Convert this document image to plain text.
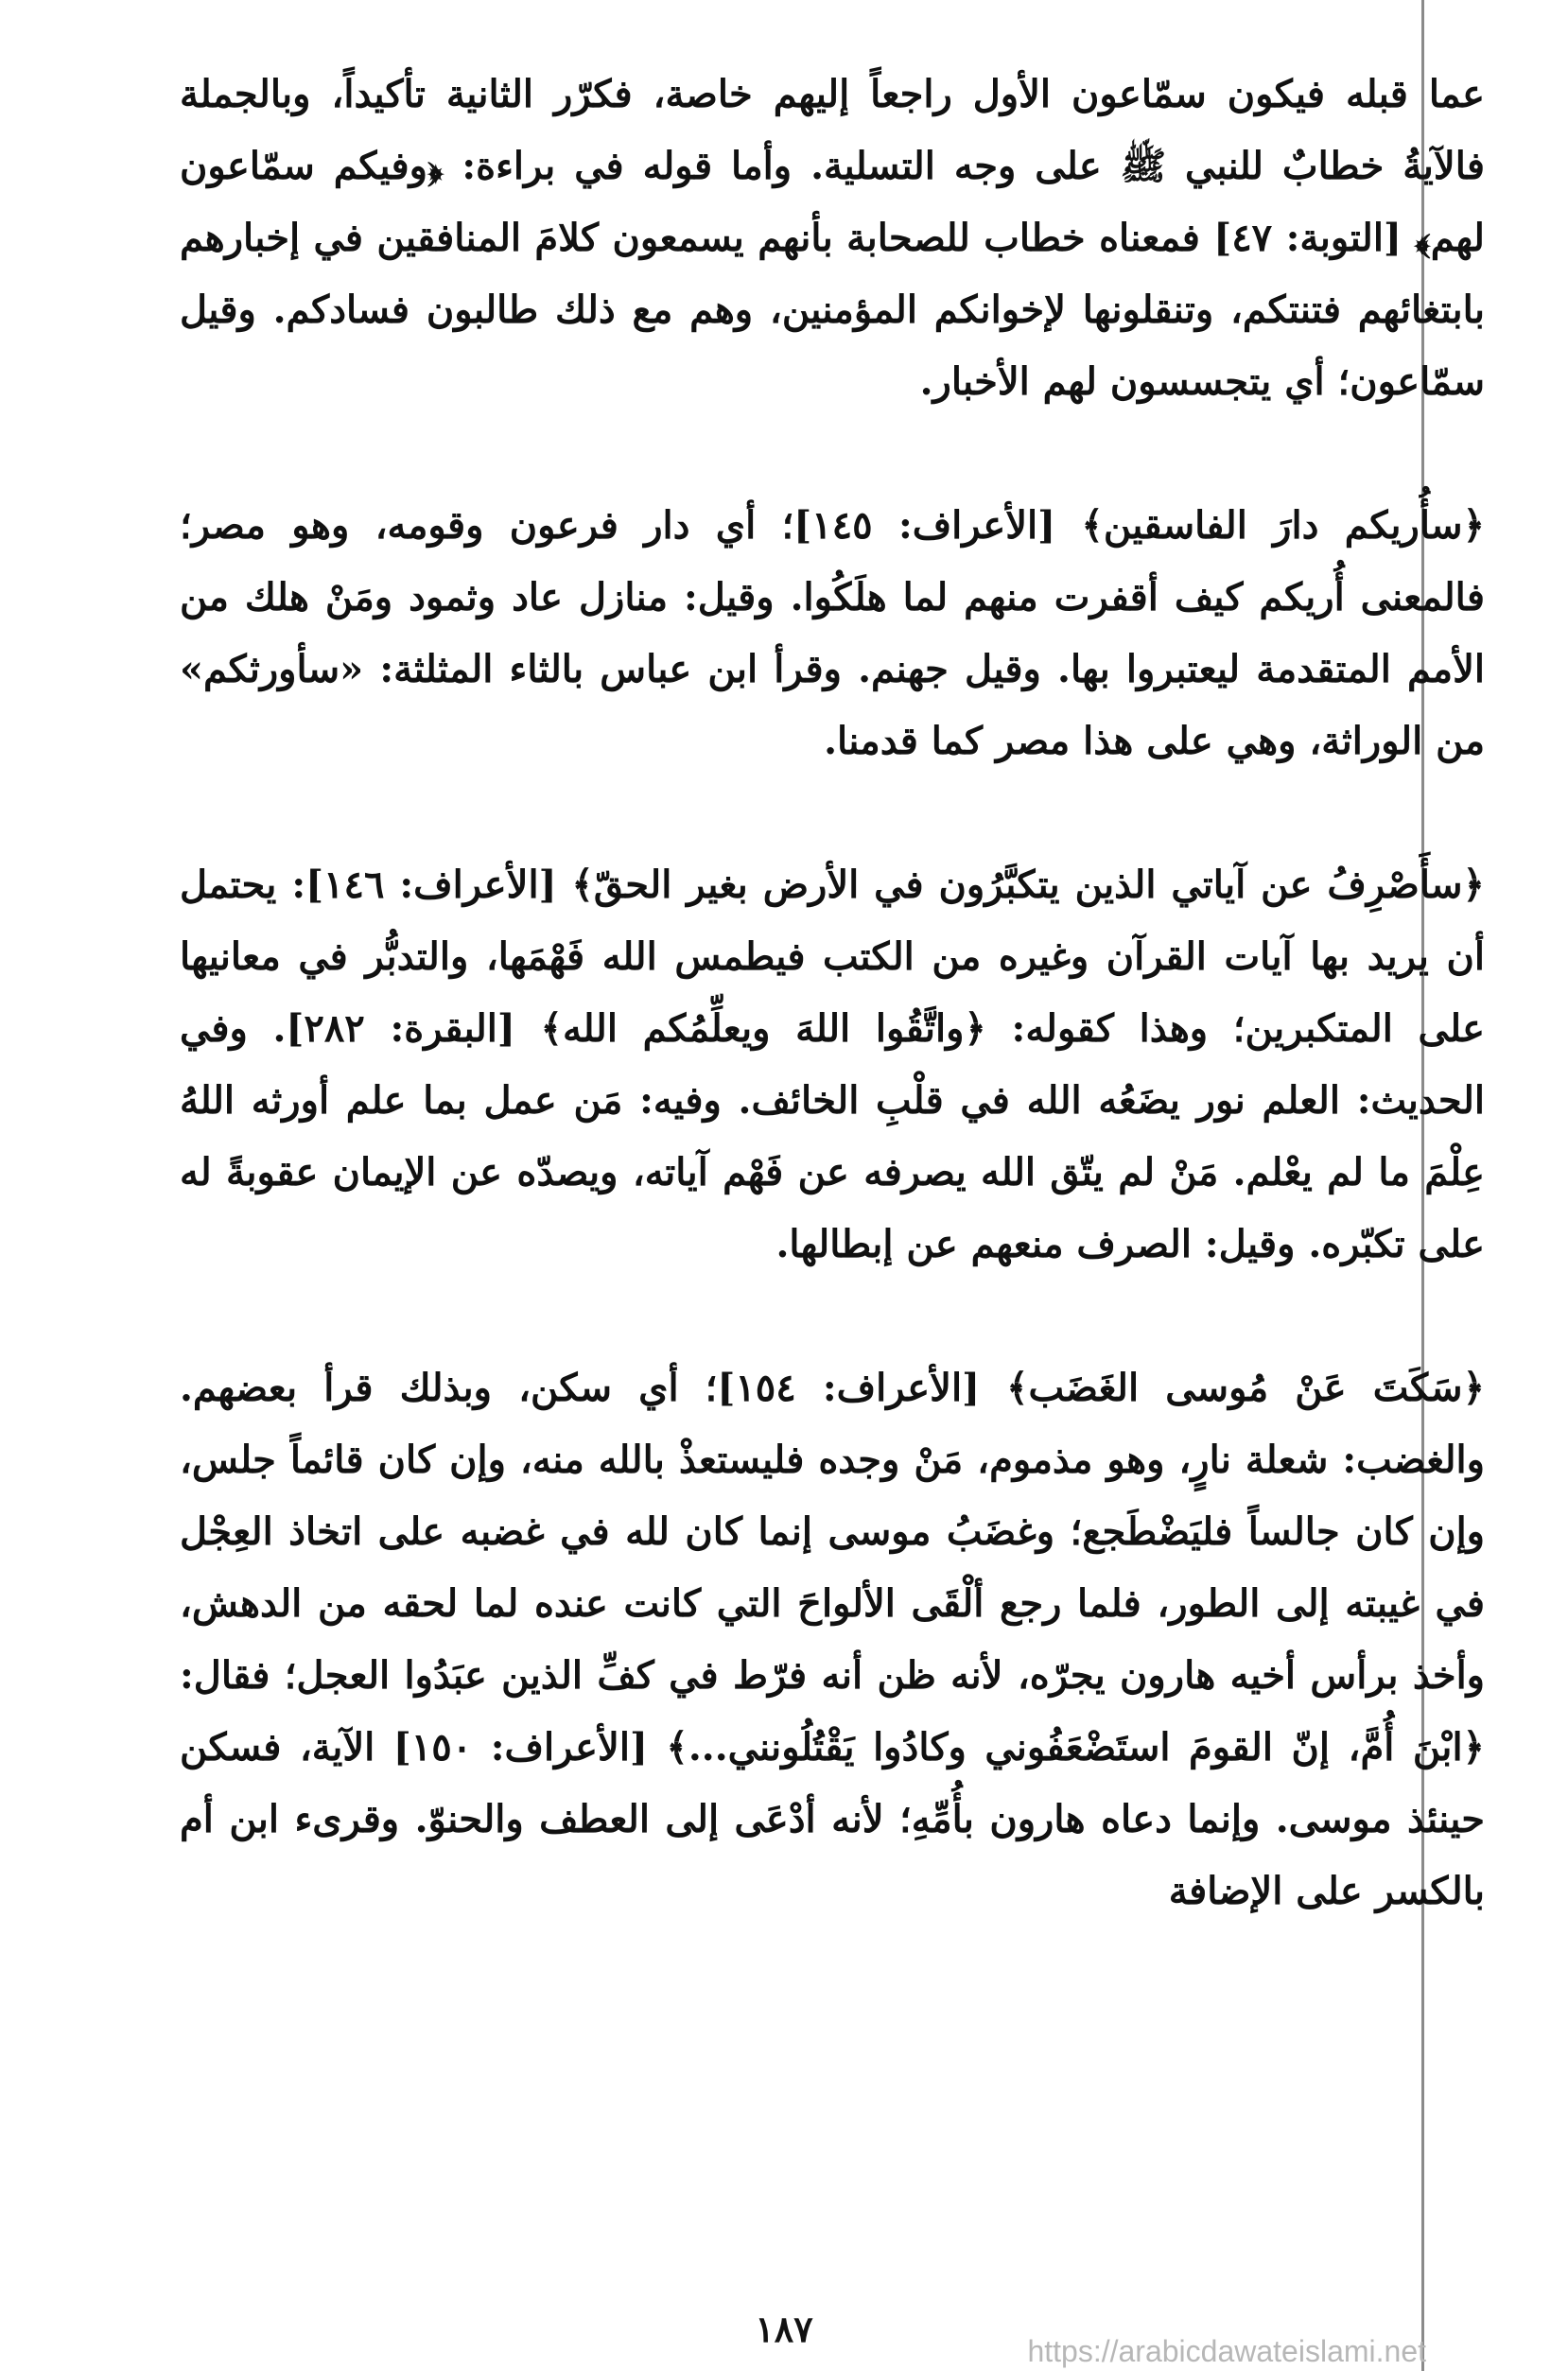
عما قبله فيكون سمّاعون الأول راجعاً إليهم خاصة، فكرّر الثانية تأكيداً، وبالجملة فالآيةُ خطابٌ للنبي ﷺ على وجه التسلية. وأما قوله في براءة: ﴿وفيكم سمّاعون لهم﴾ [التوبة: ٤٧] فمعناه خطاب للصحابة بأنهم يسمعون كلامَ المنافقين في إخبارهم بابتغائهم فتنتكم، وتنقلونها لإخوانكم المؤمنين، وهم مع ذلك طالبون فسادكم. وقيل سمّاعون؛ أي يتجسسون لهم الأخبار.

﴿سأُريكم دارَ الفاسقين﴾ [الأعراف: ١٤٥]؛ أي دار فرعون وقومه، وهو مصر؛ فالمعنى أُريكم كيف أقفرت منهم لما هلَكُوا. وقيل: منازل عاد وثمود ومَنْ هلك من الأمم المتقدمة ليعتبروا بها. وقيل جهنم. وقرأ ابن عباس بالثاء المثلثة: «سأورثكم» من الوراثة، وهي على هذا مصر كما قدمنا.

﴿سأَصْرِفُ عن آياتي الذين يتكبَّرُون في الأرض بغير الحقّ﴾ [الأعراف: ١٤٦]: يحتمل أن يريد بها آيات القرآن وغيره من الكتب فيطمس الله فَهْمَها، والتدبُّر في معانيها على المتكبرين؛ وهذا كقوله: ﴿واتَّقُوا اللهَ ويعلِّمُكم الله﴾ [البقرة: ٢٨٢]. وفي الحديث: العلم نور يضَعُه الله في قلْبِ الخائف. وفيه: مَن عمل بما علم أورثه اللهُ عِلْمَ ما لم يعْلم. مَنْ لم يتّق الله يصرفه عن فَهْم آياته، ويصدّه عن الإيمان عقوبةً له على تكبّره. وقيل: الصرف منعهم عن إبطالها.

﴿سَكَتَ عَنْ مُوسى الغَضَب﴾ [الأعراف: ١٥٤]؛ أي سكن، وبذلك قرأ بعضهم. والغضب: شعلة نارٍ، وهو مذموم، مَنْ وجده فليستعذْ بالله منه، وإن كان قائماً جلس، وإن كان جالساً فليَضْطَجع؛ وغضَبُ موسى إنما كان لله في غضبه على اتخاذ العِجْل في غيبته إلى الطور، فلما رجع ألْقَى الألواحَ التي كانت عنده لما لحقه من الدهش، وأخذ برأس أخيه هارون يجرّه، لأنه ظن أنه فرّط في كفِّ الذين عبَدُوا العجل؛ فقال: ﴿ابْنَ أُمَّ، إنّ القومَ استَضْعَفُوني وكادُوا يَقْتُلُونني...﴾ [الأعراف: ١٥٠] الآية، فسكن حينئذ موسى. وإنما دعاه هارون بأُمِّهِ؛ لأنه أدْعَى إلى العطف والحنوّ. وقرىء ابن أم بالكسر على الإضافة

١٨٧
https://arabicdawateislami.net
